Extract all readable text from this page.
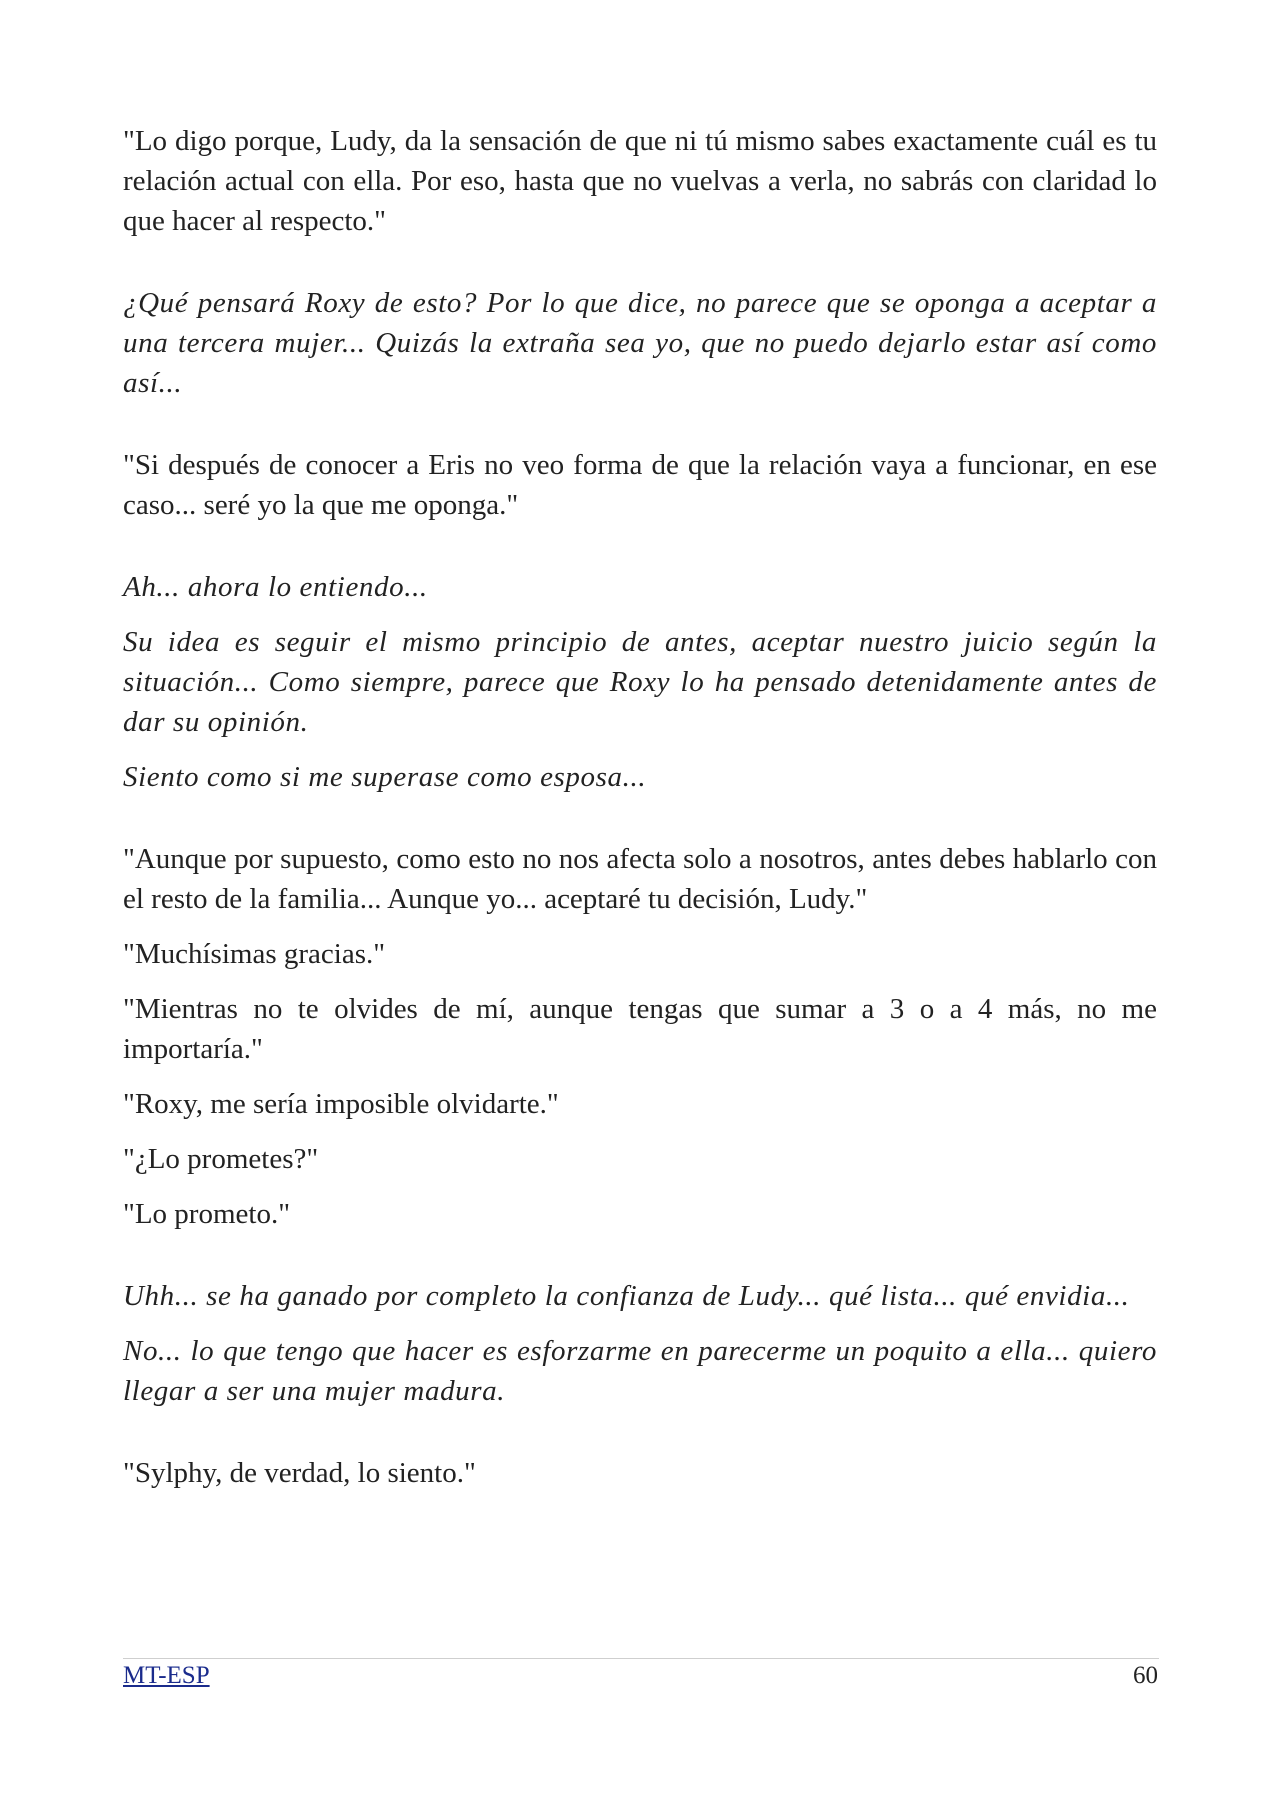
"Lo digo porque, Ludy, da la sensación de que ni tú mismo sabes exactamente cuál es tu relación actual con ella. Por eso, hasta que no vuelvas a verla, no sabrás con claridad lo que hacer al respecto."

¿Qué pensará Roxy de esto? Por lo que dice, no parece que se oponga a aceptar a una tercera mujer... Quizás la extraña sea yo, que no puedo dejarlo estar así como así...

"Si después de conocer a Eris no veo forma de que la relación vaya a funcionar, en ese caso... seré yo la que me oponga."

Ah... ahora lo entiendo...

Su idea es seguir el mismo principio de antes, aceptar nuestro juicio según la situación... Como siempre, parece que Roxy lo ha pensado detenidamente antes de dar su opinión.

Siento como si me superase como esposa...

"Aunque por supuesto, como esto no nos afecta solo a nosotros, antes debes hablarlo con el resto de la familia... Aunque yo... aceptaré tu decisión, Ludy."

"Muchísimas gracias."

"Mientras no te olvides de mí, aunque tengas que sumar a 3 o a 4 más, no me importaría."

"Roxy, me sería imposible olvidarte."

"¿Lo prometes?"

"Lo prometo."

Uhh... se ha ganado por completo la confianza de Ludy... qué lista... qué envidia...

No... lo que tengo que hacer es esforzarme en parecerme un poquito a ella... quiero llegar a ser una mujer madura.

"Sylphy, de verdad, lo siento."

MT-ESP	60
